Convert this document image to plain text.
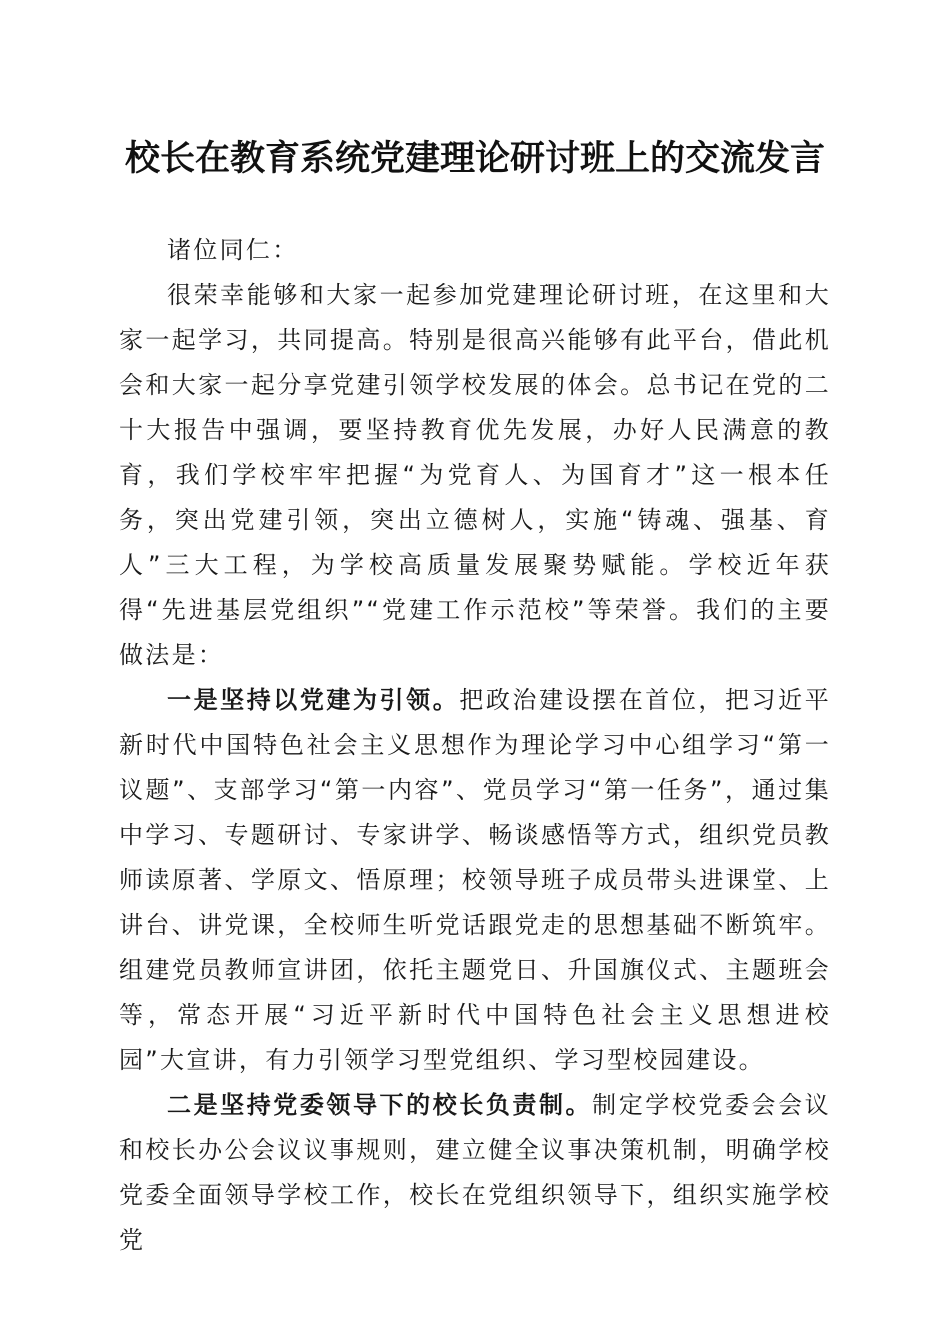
校长在教育系统党建理论研讨班上的交流发言

诸位同仁：

很荣幸能够和大家一起参加党建理论研讨班，在这里和大家一起学习，共同提高。特别是很高兴能够有此平台，借此机会和大家一起分享党建引领学校发展的体会。总书记在党的二十大报告中强调，要坚持教育优先发展，办好人民满意的教育，我们学校牢牢把握“为党育人、为国育才”这一根本任务，突出党建引领，突出立德树人，实施“铸魂、强基、育人”三大工程，为学校高质量发展聚势赋能。学校近年获得“先进基层党组织”“党建工作示范校”等荣誉。我们的主要做法是：

一是坚持以党建为引领。把政治建设摆在首位，把习近平新时代中国特色社会主义思想作为理论学习中心组学习“第一议题”、支部学习“第一内容”、党员学习“第一任务”，通过集中学习、专题研讨、专家讲学、畅谈感悟等方式，组织党员教师读原著、学原文、悟原理；校领导班子成员带头进课堂、上讲台、讲党课，全校师生听党话跟党走的思想基础不断筑牢。组建党员教师宣讲团，依托主题党日、升国旗仪式、主题班会等，常态开展“习近平新时代中国特色社会主义思想进校园”大宣讲，有力引领学习型党组织、学习型校园建设。

二是坚持党委领导下的校长负责制。制定学校党委会会议和校长办公会议议事规则，建立健全议事决策机制，明确学校党委全面领导学校工作，校长在党组织领导下，组织实施学校党
